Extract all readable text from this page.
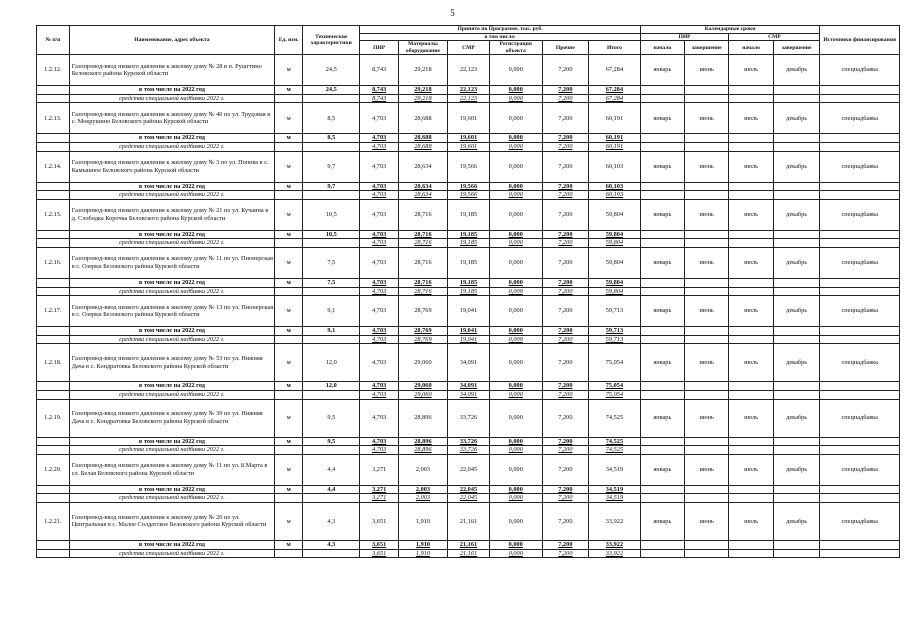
5
№ п/п	Наименование, адрес объекта	Ед. изм.	Технические характеристики	Принято по Программе, тыс. руб.						Календарные сроки				Источники финансирования
				в том числе:						ПИР		СМР		
				ПИР	Материалы оборудование	СМР	Регистрация объекта	Прочие	Итого	начало	завершение	начало	завершение	
1.2.12.	Газопровод-ввод низкого давления к жилому дому № 28 в п. Рушгтино Беловского района Курской области	м	24,5	8,743	29,218	22,123	0,000	7,200	67,284	январь	июнь	июль	декабрь	спецнадбавка
	в том числе на 2022 год	м	24,5	8,743	29,218	22,123	0,000	7,200	67,284					
	средства специальной надбавки 2022 г.			8,743	29,218	22,123	0,000	7,200	67,284					
1.2.13.	Газопровод-ввод низкого давления к жилому дому № 40 по ул. Трудовая в с. Мокрушино Беловского района Курской области	м	8,5	4,703	28,688	19,601	0,000	7,200	60,191	январь	июнь	июль	декабрь	спецнадбавка
	в том числе на 2022 год	м	8,5	4,703	28,688	19,601	0,000	7,200	60,191					
	средства специальной надбавки 2022 г.			4,703	28,688	19,601	0,000	7,200	60,191					
1.2.14.	Газопровод-ввод низкого давления к жилому дому № 3 по ул. Попова в с. Камышное Беловского района Курской области	м	9,7	4,703	28,634	19,566	0,000	7,200	60,103	январь	июнь	июль	декабрь	спецнадбавка
	в том числе на 2022 год	м	9,7	4,703	28,634	19,566	0,000	7,200	60,103					
	средства специальной надбавки 2022 г.			4,703	28,634	19,566	0,000	7,200	60,103					
1.2.15.	Газопровод-ввод низкого давления к жилому дому № 21 по ул. Кучаина в д. Слободка Корочка Беловского района Курской области	м	10,5	4,703	28,716	19,185	0,000	7,200	59,804	январь	июнь	июль	декабрь	спецнадбавка
	в том числе на 2022 год	м	10,5	4,703	28,716	19,185	0,000	7,200	59,804					
	средства специальной надбавки 2022 г.			4,703	28,716	19,185	0,000	7,200	59,804					
1.2.16.	Газопровод-ввод низкого давления к жилому дому № 11 по ул. Пионерская в с. Озерки Беловского района Курской области	м	7,5	4,703	28,716	19,185	0,000	7,200	59,804	январь	июнь	июль	декабрь	спецнадбавка
	в том числе на 2022 год	м	7,5	4,703	28,716	19,185	0,000	7,200	59,804					
	средства специальной надбавки 2022 г.			4,703	28,716	19,185	0,000	7,200	59,804					
1.2.17.	Газопровод-ввод низкого давления к жилому дому № 13 по ул. Пионерская в с. Озерки Беловского района Курской области	м	9,1	4,703	28,769	19,041	0,000	7,200	59,713	январь	июнь	июль	декабрь	спецнадбавка
	в том числе на 2022 год	м	9,1	4,703	28,769	19,041	0,000	7,200	59,713					
	средства специальной надбавки 2022 г.			4,703	28,769	19,041	0,000	7,200	59,713					
1.2.18.	Газопровод-ввод низкого давления к жилому дому № 53 по ул. Нижняя Дача в с. Кондратовка Беловского района Курской области	м	12,0	4,703	29,060	34,091	0,000	7,200	75,054	январь	июнь	июль	декабрь	спецнадбавка
	в том числе на 2022 год	м	12,0	4,703	29,060	34,091	0,000	7,200	75,054					
	средства специальной надбавки 2022 г.			4,703	29,060	34,091	0,000	7,200	75,054					
1.2.19.	Газопровод-ввод низкого давления к жилому дому № 39 по ул. Нижняя Дача в с. Кондратовка Беловского района Курской области	м	9,5	4,703	28,896	33,726	0,000	7,200	74,525	январь	июнь	июль	декабрь	спецнадбавка
	в том числе на 2022 год	м	9,5	4,703	28,896	33,726	0,000	7,200	74,525					
	средства специальной надбавки 2022 г.			4,703	28,896	33,726	0,000	7,200	74,525					
1.2.20.	Газопровод-ввод низкого давления к жилому дому № 11 по ул. 8 Марта в сл. Белая Беловского района Курской области	м	4,4	3,271	2,003	22,045	0,000	7,200	34,519	январь	июнь	июль	декабрь	спецнадбавка
	в том числе на 2022 год	м	4,4	3,271	2,003	22,045	0,000	7,200	34,519					
	средства специальной надбавки 2022 г.			3,271	2,003	22,045	0,000	7,200	34,519					
1.2.21.	Газопровод-ввод низкого давления к жилому дому № 26 по ул. Центральная в с. Малое Солдатское Беловского района Курской области	м	4,3	3,651	1,910	21,161	0,000	7,200	33,922	январь	июнь	июль	декабрь	спецнадбавка
	в том числе на 2022 год	м	4,3	3,651	1,910	21,161	0,000	7,200	33,922					
	средства специальной надбавки 2022 г.			3,651	1,910	21,161	0,000	7,200	33,922					
